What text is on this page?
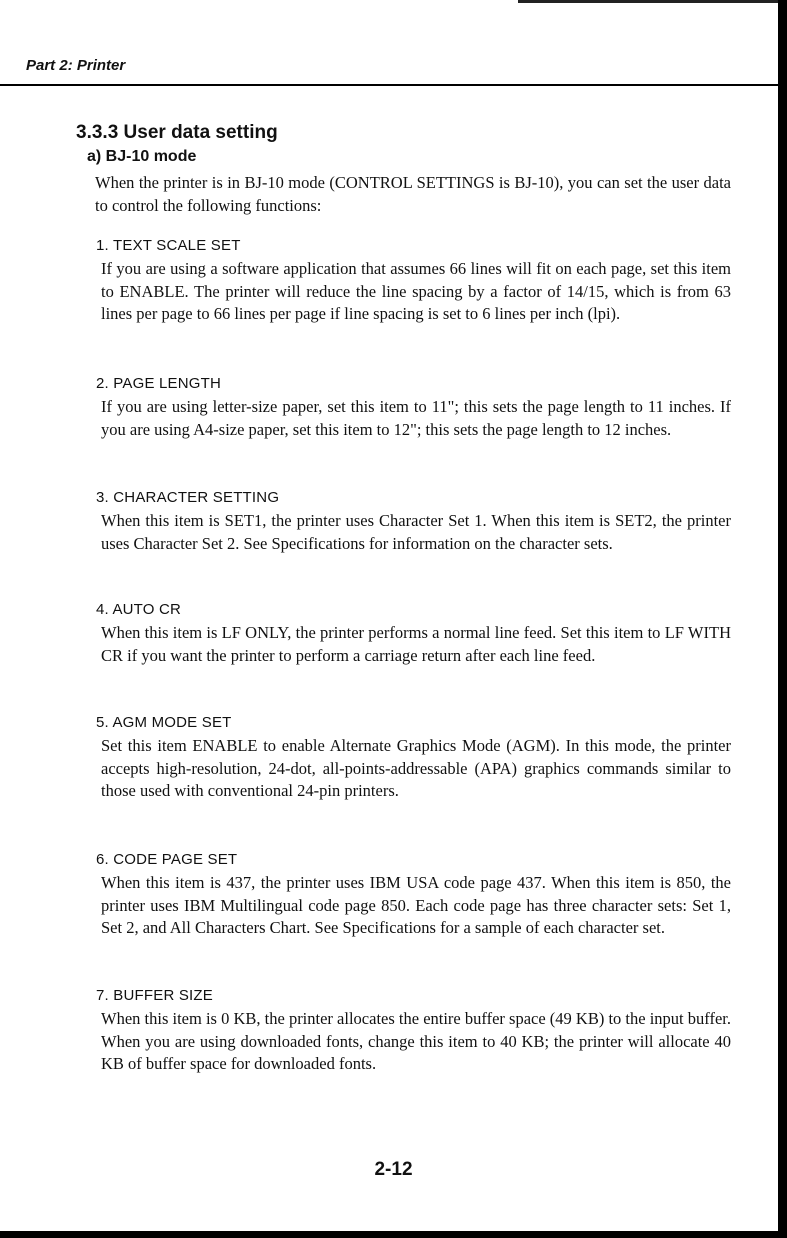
Part 2: Printer
3.3.3 User data setting
a) BJ-10 mode
When the printer is in BJ-10 mode (CONTROL SETTINGS is BJ-10), you can set the user data to control the following functions:
1. TEXT SCALE SET
If you are using a software application that assumes 66 lines will fit on each page, set this item to ENABLE. The printer will reduce the line spacing by a factor of 14/15, which is from 63 lines per page to 66 lines per page if line spacing is set to 6 lines per inch (lpi).
2. PAGE LENGTH
If you are using letter-size paper, set this item to 11"; this sets the page length to 11 inches. If you are using A4-size paper, set this item to 12"; this sets the page length to 12 inches.
3. CHARACTER SETTING
When this item is SET1, the printer uses Character Set 1. When this item is SET2, the printer uses Character Set 2. See Specifications for information on the character sets.
4. AUTO CR
When this item is LF ONLY, the printer performs a normal line feed. Set this item to LF WITH CR if you want the printer to perform a carriage return after each line feed.
5. AGM MODE SET
Set this item ENABLE to enable Alternate Graphics Mode (AGM). In this mode, the printer accepts high-resolution, 24-dot, all-points-addressable (APA) graphics commands similar to those used with conventional 24-pin printers.
6. CODE PAGE SET
When this item is 437, the printer uses IBM USA code page 437. When this item is 850, the printer uses IBM Multilingual code page 850. Each code page has three character sets: Set 1, Set 2, and All Characters Chart. See Specifications for a sample of each character set.
7. BUFFER SIZE
When this item is 0 KB, the printer allocates the entire buffer space (49 KB) to the input buffer. When you are using downloaded fonts, change this item to 40 KB; the printer will allocate 40 KB of buffer space for downloaded fonts.
2-12
